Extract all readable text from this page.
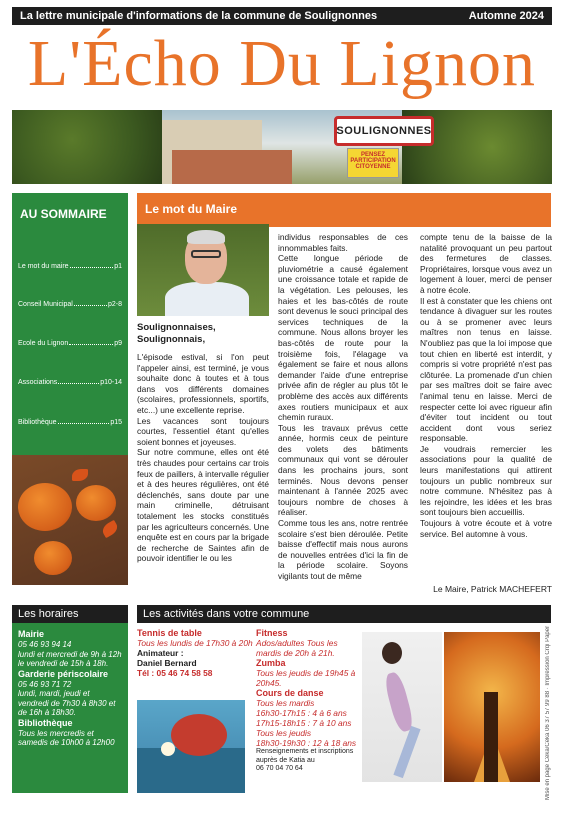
La lettre municipale d'informations de la commune de Soulignonnes	Automne 2024
L'Écho Du Lignon
SOULIGNONNES
PENSEZ PARTICIPATION CITOYENNE
AU SOMMAIRE
Le mot du maire	p1
Conseil Municipal	p2-8
Ecole du Lignon	p9
Associations	p10-14
Bibliothèque	p15
Le mot du Maire

Soulignonnaises, Soulignonnais,

L'épisode estival, si l'on peut l'appeler ainsi, est terminé, je vous souhaite donc à toutes et à tous dans vos différents domaines (scolaires, professionnels, sportifs, etc...) une excellente reprise.

Les vacances sont toujours courtes, l'essentiel étant qu'elles soient bonnes et joyeuses.

Sur notre commune, elles ont été très chaudes pour certains car trois feux de paillers, à intervalle régulier et à des heures régulières, ont été déclenchés, sans doute par une main criminelle, détruisant totalement les stocks constitués par les agriculteurs concernés. Une enquête est en cours par la brigade de recherche de Saintes afin de pouvoir identifier le ou les

individus responsables de ces innommables faits.

Cette longue période de pluviométrie a causé également une croissance totale et rapide de la végétation. Les pelouses, les haies et les bas-côtés de route sont devenus le souci principal des services techniques de la commune. Nous allons broyer les bas-côtés de route pour la troisième fois, l'élagage va également se faire et nous allons demander l'aide d'une entreprise privée afin de régler au plus tôt le problème des accès aux différents axes routiers municipaux et aux chemin ruraux.

Tous les travaux prévus cette année, hormis ceux de peinture des volets des bâtiments communaux qui vont se dérouler dans les prochains jours, sont terminés. Nous devons penser maintenant à l'année 2025 avec toujours nombre de choses à réaliser.

Comme tous les ans, notre rentrée scolaire s'est bien déroulée. Petite baisse d'effectif mais nous aurons de nouvelles entrées d'ici la fin de la période scolaire. Soyons vigilants tout de même

compte tenu de la baisse de la natalité provoquant un peu partout des fermetures de classes. Propriétaires, lorsque vous avez un logement à louer, merci de penser à notre école.

Il est à constater que les chiens ont tendance à divaguer sur les routes ou à se promener avec leurs maîtres non tenus en laisse. N'oubliez pas que la loi impose que tout chien en liberté est interdit, y compris si votre propriété n'est pas clôturée. La promenade d'un chien par ses maîtres doit se faire avec l'animal tenu en laisse. Merci de respecter cette loi avec rigueur afin d'éviter tout incident ou tout accident dont vous seriez responsable.

Je voudrais remercier les associations pour la qualité de leurs manifestations qui attirent toujours un public nombreux sur notre commune. N'hésitez pas à les rejoindre, les idées et les bras sont toujours bien accueillis.

Toujours à votre écoute et à votre service. Bel automne à vous.

Le Maire, Patrick MACHEFERT
Les horaires
Mairie
05 46 93 94 14
lundi et mercredi de 9h à 12h le vendredi de 15h à 18h.
Garderie périscolaire
05 46 93 71 72
lundi, mardi, jeudi et vendredi de 7h30 à 8h30 et de 16h à 18h30.
Bibliothèque
Tous les mercredis et samedis de 10h00 à 12h00
Les activités dans votre commune
Tennis de table
Tous les lundis de 17h30 à 20h
Animateur :
Daniel Bernard
Tél : 05 46 74 58 58
Fitness
Ados/adultes Tous les mardis de 20h à 21h.
Zumba
Tous les jeudis de 19h45 à 20h45.
Cours de danse
Tous les mardis
16h30-17h15 : 4 à 6 ans
17h15-18h15 : 7 à 10 ans
Tous les jeudis
18h30-19h30 : 12 à 18 ans
Renseignements et inscriptions auprès de Katia au
06 70 04 70 64	Mise en page Ceka/Ceka 06 37 57 99 88 · Impression Crqi Paper
